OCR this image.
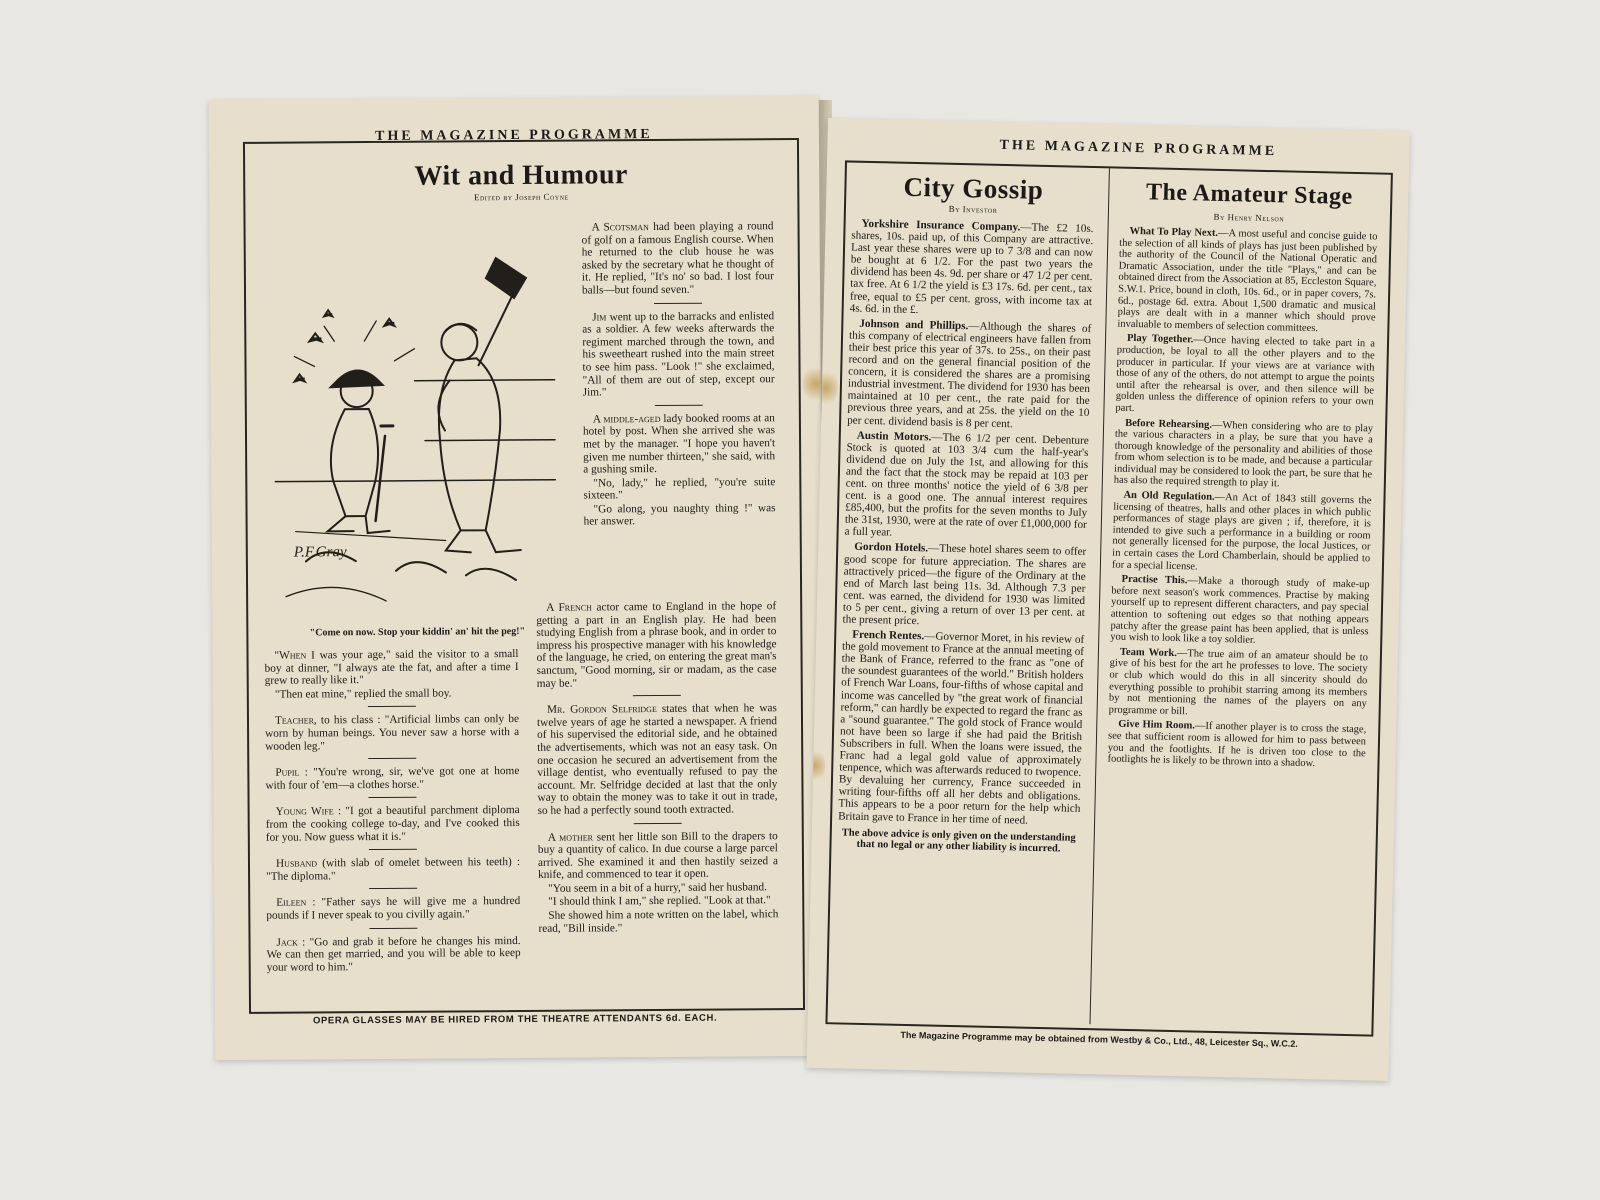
THE MAGAZINE PROGRAMME
Wit and Humour
Edited by Joseph Coyne
P.F.Gray
"Come on now. Stop your kiddin' an' hit the peg!"

"When I was your age," said the visitor to a small boy at dinner, "I always ate the fat, and after a time I grew to really like it."

"Then eat mine," replied the small boy.

Teacher, to his class : "Artificial limbs can only be worn by human beings. You never saw a horse with a wooden leg."

Pupil : "You're wrong, sir, we've got one at home with four of 'em—a clothes horse."

Young Wife : "I got a beautiful parchment diploma from the cooking college to-day, and I've cooked this for you. Now guess what it is."

Husband (with slab of omelet between his teeth) : "The diploma."

Eileen : "Father says he will give me a hundred pounds if I never speak to you civilly again."

Jack : "Go and grab it before he changes his mind. We can then get married, and you will be able to keep your word to him."

A Scotsman had been playing a round of golf on a famous English course. When he returned to the club house he was asked by the secretary what he thought of it. He replied, "It's no' so bad. I lost four balls—but found seven."

Jim went up to the barracks and enlisted as a soldier. A few weeks afterwards the regiment marched through the town, and his sweetheart rushed into the main street to see him pass. "Look !" she exclaimed, "All of them are out of step, except our Jim."

A middle-aged lady booked rooms at an hotel by post. When she arrived she was met by the manager. "I hope you haven't given me number thirteen," she said, with a gushing smile.

"No, lady," he replied, "you're suite sixteen."

"Go along, you naughty thing !" was her answer.

A French actor came to England in the hope of getting a part in an English play. He had been studying English from a phrase book, and in order to impress his prospective manager with his knowledge of the language, he cried, on entering the great man's sanctum, "Good morning, sir or madam, as the case may be."

Mr. Gordon Selfridge states that when he was twelve years of age he started a newspaper. A friend of his supervised the editorial side, and he obtained the advertisements, which was not an easy task. On one occasion he secured an advertisement from the village dentist, who eventually refused to pay the account. Mr. Selfridge decided at last that the only way to obtain the money was to take it out in trade, so he had a perfectly sound tooth extracted.

A mother sent her little son Bill to the drapers to buy a quantity of calico. In due course a large parcel arrived. She examined it and then hastily seized a knife, and commenced to tear it open.

"You seem in a bit of a hurry," said her husband.

"I should think I am," she replied. "Look at that."

She showed him a note written on the label, which read, "Bill inside."

OPERA GLASSES MAY BE HIRED FROM THE THEATRE ATTENDANTS 6d. EACH.
THE MAGAZINE PROGRAMME
City Gossip
By Investor

Yorkshire Insurance Company.—The £2 10s. shares, 10s. paid up, of this Company are attractive. Last year these shares were up to 7 3/8 and can now be bought at 6 1/2. For the past two years the dividend has been 4s. 9d. per share or 47 1/2 per cent. tax free. At 6 1/2 the yield is £3 17s. 6d. per cent., tax free, equal to £5 per cent. gross, with income tax at 4s. 6d. in the £.

Johnson and Phillips.—Although the shares of this company of electrical engineers have fallen from their best price this year of 37s. to 25s., on their past record and on the general financial position of the concern, it is considered the shares are a promising industrial investment. The dividend for 1930 has been maintained at 10 per cent., the rate paid for the previous three years, and at 25s. the yield on the 10 per cent. dividend basis is 8 per cent.

Austin Motors.—The 6 1/2 per cent. Debenture Stock is quoted at 103 3/4 cum the half-year's dividend due on July the 1st, and allowing for this and the fact that the stock may be repaid at 103 per cent. on three months' notice the yield of 6 3/8 per cent. is a good one. The annual interest requires £85,400, but the profits for the seven months to July the 31st, 1930, were at the rate of over £1,000,000 for a full year.

Gordon Hotels.—These hotel shares seem to offer good scope for future appreciation. The shares are attractively priced—the figure of the Ordinary at the end of March last being 11s. 3d. Although 7.3 per cent. was earned, the dividend for 1930 was limited to 5 per cent., giving a return of over 13 per cent. at the present price.

French Rentes.—Governor Moret, in his review of the gold movement to France at the annual meeting of the Bank of France, referred to the franc as "one of the soundest guarantees of the world." British holders of French War Loans, four-fifths of whose capital and income was cancelled by "the great work of financial reform," can hardly be expected to regard the franc as a "sound guarantee." The gold stock of France would not have been so large if she had paid the British Subscribers in full. When the loans were issued, the Franc had a legal gold value of approximately tenpence, which was afterwards reduced to twopence. By devaluing her currency, France succeeded in writing four-fifths off all her debts and obligations. This appears to be a poor return for the help which Britain gave to France in her time of need.

The above advice is only given on the understanding that no legal or any other liability is incurred.
The Amateur Stage
By Henry Nelson

What To Play Next.—A most useful and concise guide to the selection of all kinds of plays has just been published by the authority of the Council of the National Operatic and Dramatic Association, under the title "Plays," and can be obtained direct from the Association at 85, Eccleston Square, S.W.1. Price, bound in cloth, 10s. 6d., or in paper covers, 7s. 6d., postage 6d. extra. About 1,500 dramatic and musical plays are dealt with in a manner which should prove invaluable to members of selection committees.

Play Together.—Once having elected to take part in a production, be loyal to all the other players and to the producer in particular. If your views are at variance with those of any of the others, do not attempt to argue the points until after the rehearsal is over, and then silence will be golden unless the difference of opinion refers to your own part.

Before Rehearsing.—When considering who are to play the various characters in a play, be sure that you have a thorough knowledge of the personality and abilities of those from whom selection is to be made, and because a particular individual may be considered to look the part, be sure that he has also the required strength to play it.

An Old Regulation.—An Act of 1843 still governs the licensing of theatres, halls and other places in which public performances of stage plays are given ; if, therefore, it is intended to give such a performance in a building or room not generally licensed for the purpose, the local Justices, or in certain cases the Lord Chamberlain, should be applied to for a special license.

Practise This.—Make a thorough study of make-up before next season's work commences. Practise by making yourself up to represent different characters, and pay special attention to softening out edges so that nothing appears patchy after the grease paint has been applied, that is unless you wish to look like a toy soldier.

Team Work.—The true aim of an amateur should be to give of his best for the art he professes to love. The society or club which would do this in all sincerity should do everything possible to prohibit starring among its members by not mentioning the names of the players on any programme or bill.

Give Him Room.—If another player is to cross the stage, see that sufficient room is allowed for him to pass between you and the footlights. If he is driven too close to the footlights he is likely to be thrown into a shadow.

The Magazine Programme may be obtained from Westby & Co., Ltd., 48, Leicester Sq., W.C.2.
